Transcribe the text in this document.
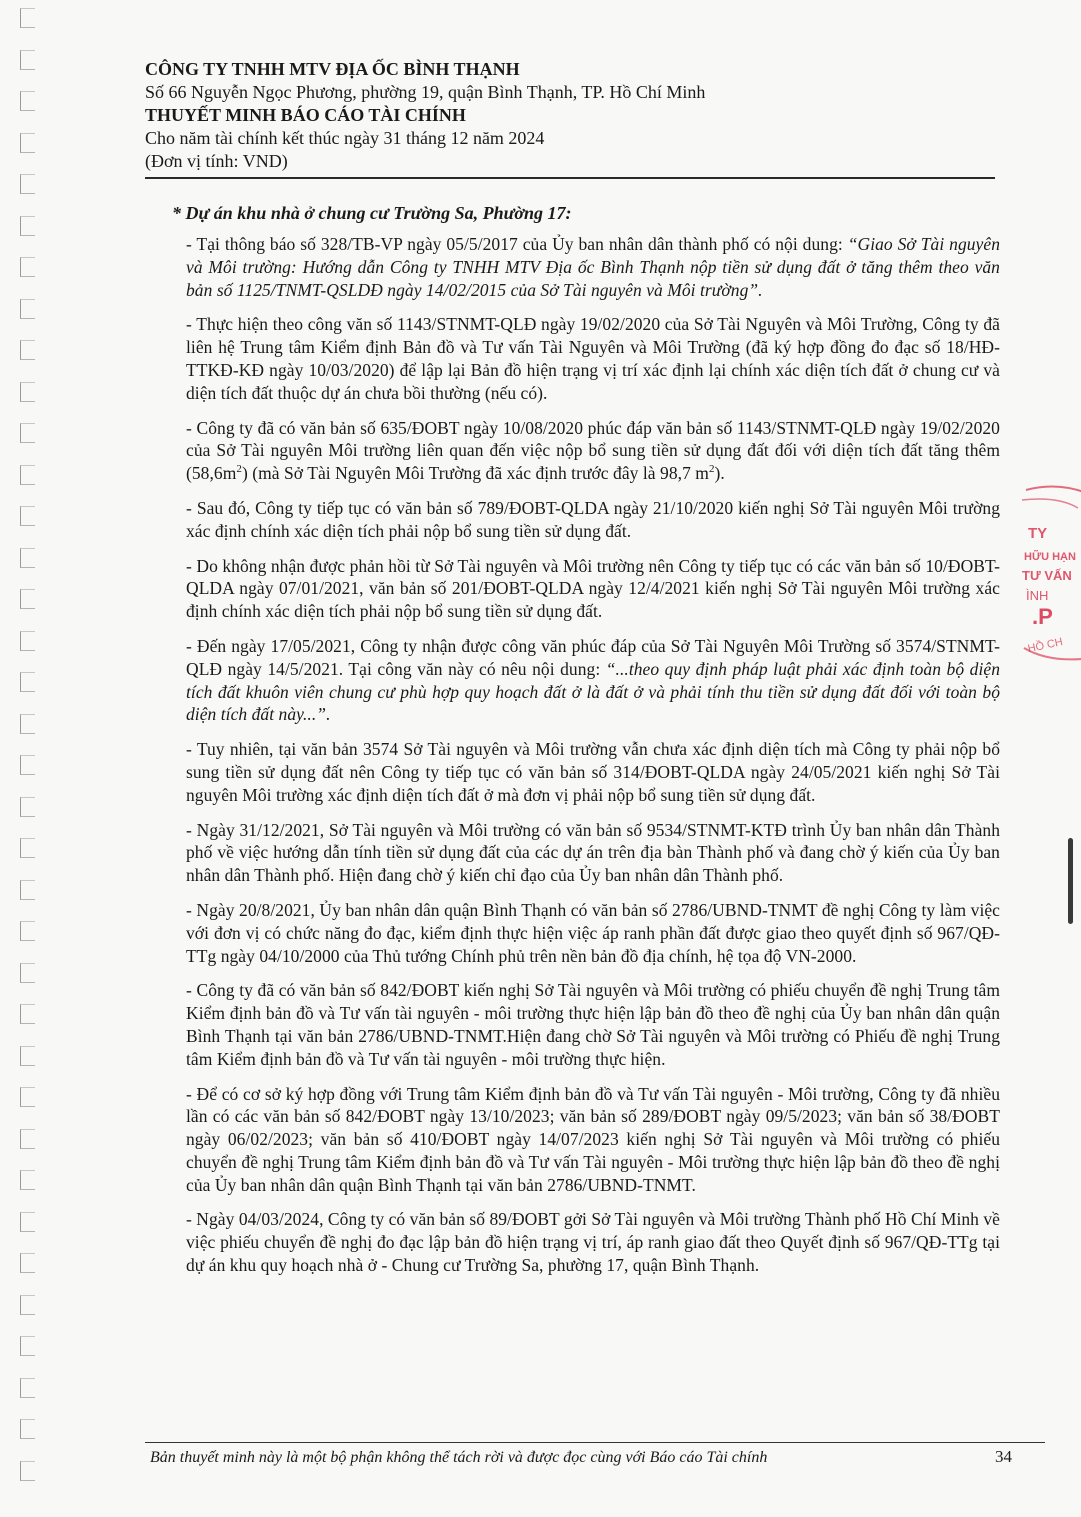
CÔNG TY TNHH MTV ĐỊA ỐC BÌNH THẠNH
Số 66 Nguyễn Ngọc Phương, phường 19, quận Bình Thạnh, TP. Hồ Chí Minh
THUYẾT MINH BÁO CÁO TÀI CHÍNH
Cho năm tài chính kết thúc ngày 31 tháng 12 năm 2024
(Đơn vị tính: VND)
* Dự án khu nhà ở chung cư Trường Sa, Phường 17:

- Tại thông báo số 328/TB-VP ngày 05/5/2017 của Ủy ban nhân dân thành phố có nội dung: “Giao Sở Tài nguyên và Môi trường: Hướng dẫn Công ty TNHH MTV Địa ốc Bình Thạnh nộp tiền sử dụng đất ở tăng thêm theo văn bản số 1125/TNMT-QSLDĐ ngày 14/02/2015 của Sở Tài nguyên và Môi trường”.

- Thực hiện theo công văn số 1143/STNMT-QLĐ ngày 19/02/2020 của Sở Tài Nguyên và Môi Trường, Công ty đã liên hệ Trung tâm Kiểm định Bản đồ và Tư vấn Tài Nguyên và Môi Trường (đã ký hợp đồng đo đạc số 18/HĐ-TTKĐ-KĐ ngày 10/03/2020) để lập lại Bản đồ hiện trạng vị trí xác định lại chính xác diện tích đất ở chung cư và diện tích đất thuộc dự án chưa bồi thường (nếu có).

- Công ty đã có văn bản số 635/ĐOBT ngày 10/08/2020 phúc đáp văn bản số 1143/STNMT-QLĐ ngày 19/02/2020 của Sở Tài nguyên Môi trường liên quan đến việc nộp bổ sung tiền sử dụng đất đối với diện tích đất tăng thêm $(58,6m^2)$ (mà Sở Tài Nguyên Môi Trường đã xác định trước đây là 98,7 $m^2$).

- Sau đó, Công ty tiếp tục có văn bản số 789/ĐOBT-QLDA ngày 21/10/2020 kiến nghị Sở Tài nguyên Môi trường xác định chính xác diện tích phải nộp bổ sung tiền sử dụng đất.

- Do không nhận được phản hồi từ Sở Tài nguyên và Môi trường nên Công ty tiếp tục có các văn bản số 10/ĐOBT-QLDA ngày 07/01/2021, văn bản số 201/ĐOBT-QLDA ngày 12/4/2021 kiến nghị Sở Tài nguyên Môi trường xác định chính xác diện tích phải nộp bổ sung tiền sử dụng đất.

- Đến ngày 17/05/2021, Công ty nhận được công văn phúc đáp của Sở Tài Nguyên Môi Trường số 3574/STNMT-QLĐ ngày 14/5/2021. Tại công văn này có nêu nội dung: “...theo quy định pháp luật phải xác định toàn bộ diện tích đất khuôn viên chung cư phù hợp quy hoạch đất ở là đất ở và phải tính thu tiền sử dụng đất đối với toàn bộ diện tích đất này...”.

- Tuy nhiên, tại văn bản 3574 Sở Tài nguyên và Môi trường vẫn chưa xác định diện tích mà Công ty phải nộp bổ sung tiền sử dụng đất nên Công ty tiếp tục có văn bản số 314/ĐOBT-QLDA ngày 24/05/2021 kiến nghị Sở Tài nguyên Môi trường xác định diện tích đất ở mà đơn vị phải nộp bổ sung tiền sử dụng đất.

- Ngày 31/12/2021, Sở Tài nguyên và Môi trường có văn bản số 9534/STNMT-KTĐ trình Ủy ban nhân dân Thành phố về việc hướng dẫn tính tiền sử dụng đất của các dự án trên địa bàn Thành phố và đang chờ ý kiến của Ủy ban nhân dân Thành phố. Hiện đang chờ ý kiến chỉ đạo của Ủy ban nhân dân Thành phố.

- Ngày 20/8/2021, Ủy ban nhân dân quận Bình Thạnh có văn bản số 2786/UBND-TNMT đề nghị Công ty làm việc với đơn vị có chức năng đo đạc, kiểm định thực hiện việc áp ranh phần đất được giao theo quyết định số 967/QĐ-TTg ngày 04/10/2000 của Thủ tướng Chính phủ trên nền bản đồ địa chính, hệ tọa độ VN-2000.

- Công ty đã có văn bản số 842/ĐOBT kiến nghị Sở Tài nguyên và Môi trường có phiếu chuyển đề nghị Trung tâm Kiểm định bản đồ và Tư vấn tài nguyên - môi trường thực hiện lập bản đồ theo đề nghị của Ủy ban nhân dân quận Bình Thạnh tại văn bản 2786/UBND-TNMT.Hiện đang chờ Sở Tài nguyên và Môi trường có Phiếu đề nghị Trung tâm Kiểm định bản đồ và Tư vấn tài nguyên - môi trường thực hiện.

- Để có cơ sở ký hợp đồng với Trung tâm Kiểm định bản đồ và Tư vấn Tài nguyên - Môi trường, Công ty đã nhiều lần có các văn bản số 842/ĐOBT ngày 13/10/2023; văn bản số 289/ĐOBT ngày 09/5/2023; văn bản số 38/ĐOBT ngày 06/02/2023; văn bản số 410/ĐOBT ngày 14/07/2023 kiến nghị Sở Tài nguyên và Môi trường có phiếu chuyển đề nghị Trung tâm Kiểm định bản đồ và Tư vấn Tài nguyên - Môi trường thực hiện lập bản đồ theo đề nghị của Ủy ban nhân dân quận Bình Thạnh tại văn bản 2786/UBND-TNMT.

- Ngày 04/03/2024, Công ty có văn bản số 89/ĐOBT gởi Sở Tài nguyên và Môi trường Thành phố Hồ Chí Minh về việc phiếu chuyển đề nghị đo đạc lập bản đồ hiện trạng vị trí, áp ranh giao đất theo Quyết định số 967/QĐ-TTg tại dự án khu quy hoạch nhà ở - Chung cư Trường Sa, phường 17, quận Bình Thạnh.

Bản thuyết minh này là một bộ phận không thể tách rời và được đọc cùng với Báo cáo Tài chính	34
TY
HỮU HẠN
TƯ VẤN
ÌNH
.P
HỒ CH
